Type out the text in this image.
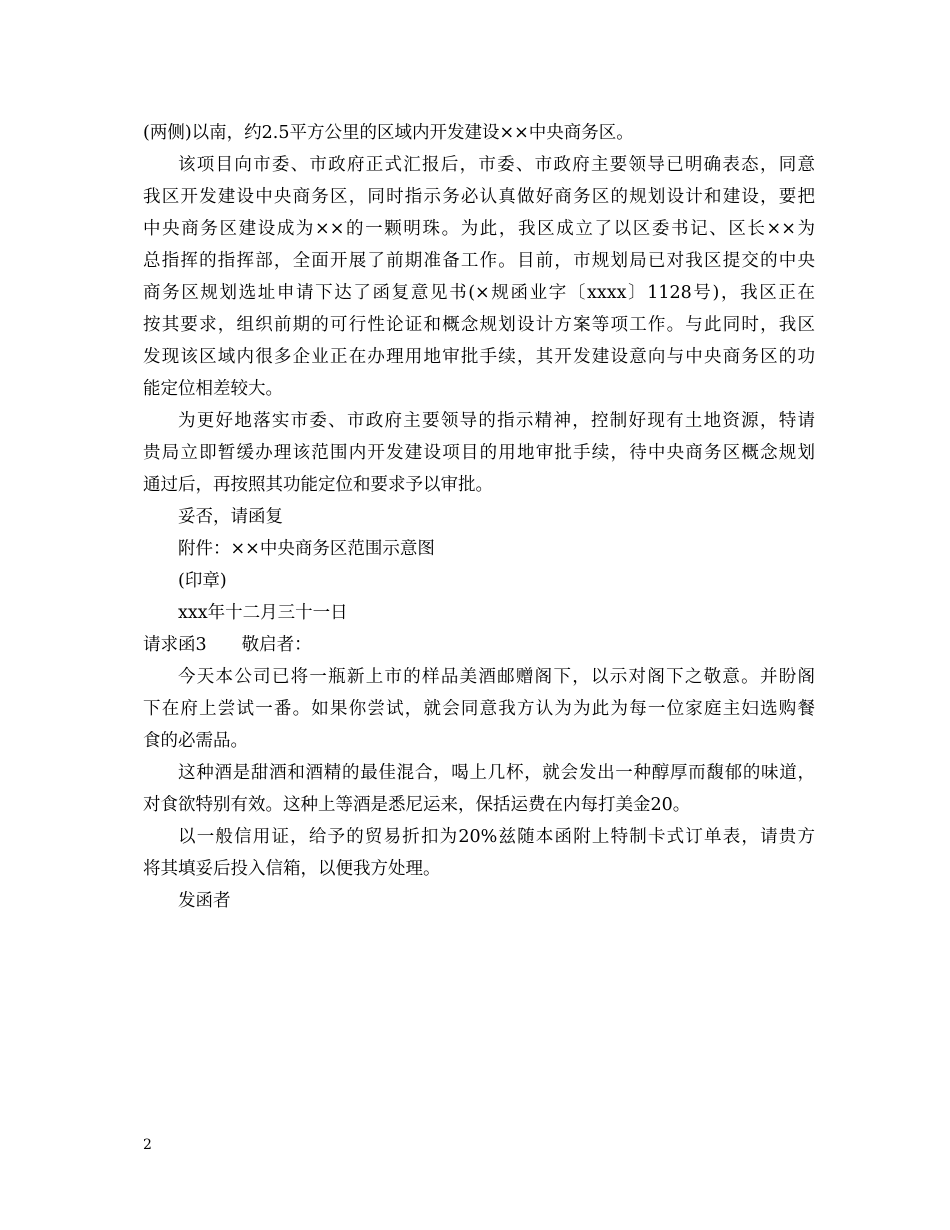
(两侧)以南，约2.5平方公里的区域内开发建设××中央商务区。
该项目向市委、市政府正式汇报后，市委、市政府主要领导已明确表态，同意
我区开发建设中央商务区，同时指示务必认真做好商务区的规划设计和建设，要把
中央商务区建设成为××的一颗明珠。为此，我区成立了以区委书记、区长××为
总指挥的指挥部，全面开展了前期准备工作。目前，市规划局已对我区提交的中央
商务区规划选址申请下达了函复意见书(×规函业字〔xxxx〕1128号)，我区正在
按其要求，组织前期的可行性论证和概念规划设计方案等项工作。与此同时，我区
发现该区域内很多企业正在办理用地审批手续，其开发建设意向与中央商务区的功
能定位相差较大。
为更好地落实市委、市政府主要领导的指示精神，控制好现有土地资源，特请
贵局立即暂缓办理该范围内开发建设项目的用地审批手续，待中央商务区概念规划
通过后，再按照其功能定位和要求予以审批。
妥否，请函复
附件：××中央商务区范围示意图
(印章)
xxx年十二月三十一日
请求函3　　敬启者：
今天本公司已将一瓶新上市的样品美酒邮赠阁下，以示对阁下之敬意。并盼阁
下在府上尝试一番。如果你尝试，就会同意我方认为为此为每一位家庭主妇选购餐
食的必需品。
这种酒是甜酒和酒精的最佳混合，喝上几杯，就会发出一种醇厚而馥郁的味道，
对食欲特别有效。这种上等酒是悉尼运来，保括运费在内每打美金20。
以一般信用证，给予的贸易折扣为20%兹随本函附上特制卡式订单表，请贵方
将其填妥后投入信箱，以便我方处理。
发函者
2
